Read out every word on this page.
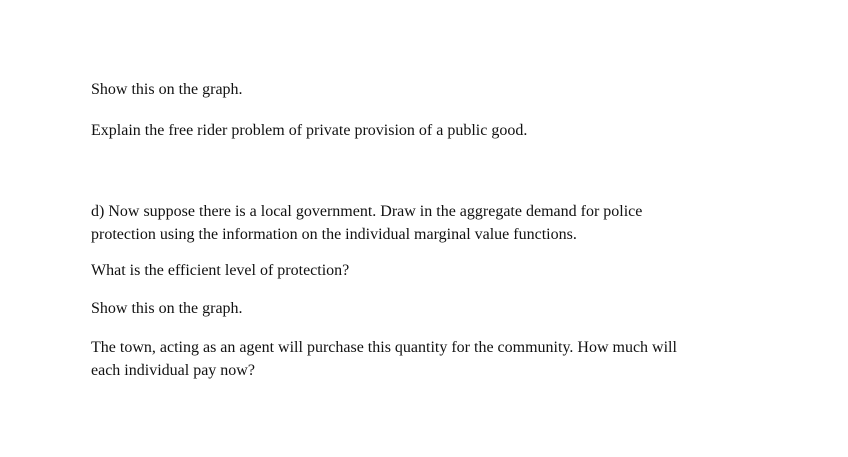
Show this on the graph.

Explain the free rider problem of private provision of a public good.

d) Now suppose there is a local government. Draw in the aggregate demand for police
protection using the information on the individual marginal value functions.

What is the efficient level of protection?

Show this on the graph.

The town, acting as an agent will purchase this quantity for the community. How much will
each individual pay now?
